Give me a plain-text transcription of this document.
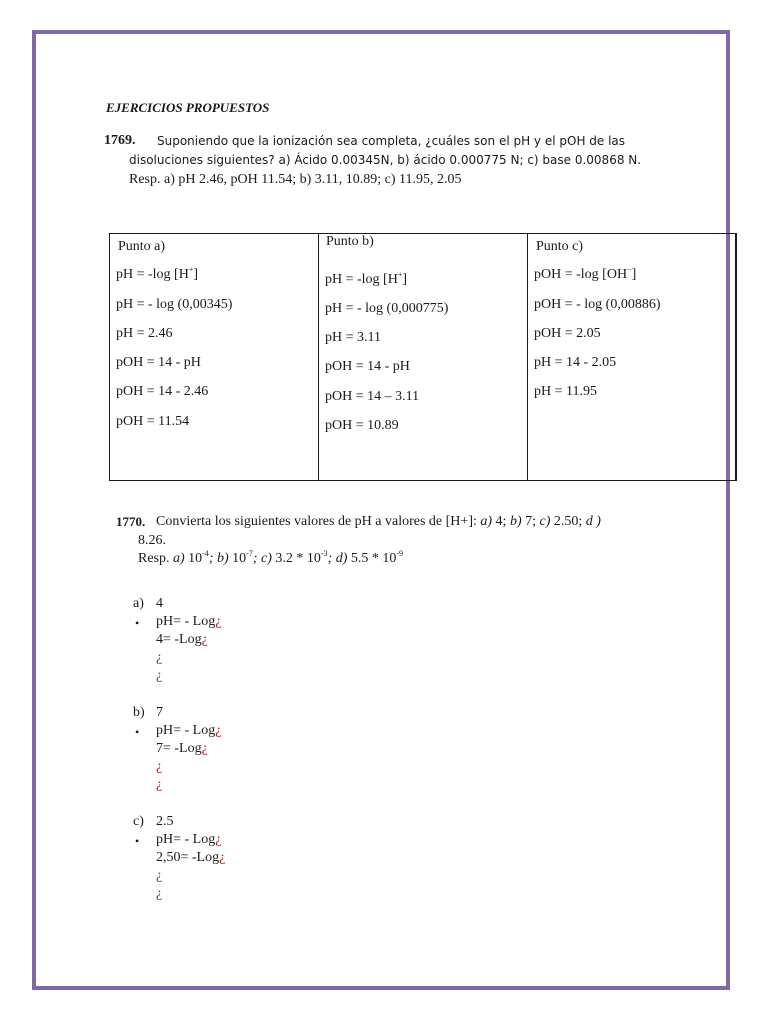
EJERCICIOS PROPUESTOS
1769. Suponiendo que la ionización sea completa, ¿cuáles son el pH y el pOH de las
disoluciones siguientes? a) Ácido 0.00345N, b) ácido 0.000775 N; c) base 0.00868 N.
Resp. a) pH 2.46, pOH 11.54; b) 3.11, 10.89; c) 11.95, 2.05
Punto a)
pH = -log [H+]
pH = - log (0,00345)
pH = 2.46
pOH = 14 - pH
pOH = 14 - 2.46
pOH = 11.54
Punto b)
pH = -log [H+]
pH = - log (0,000775)
pH = 3.11
pOH = 14 - pH
pOH = 14 – 3.11
pOH = 10.89
Punto c)
pOH = -log [OH−]
pOH = - log (0,00886)
pOH = 2.05
pH = 14 - 2.05
pH = 11.95
1770. Convierta los siguientes valores de pH a valores de [H+]: a) 4; b) 7; c) 2.50; d )
8.26.
Resp. a) $10^{-4}$; b) $10^{-7}$; c) $3.2 * 10^{-3}$; d) $5.5 * 10^{-9}$
a) 4
• pH= - Log¿
4= -Log¿
¿
¿
b) 7
• pH= - Log¿
7= -Log¿
¿
¿
c) 2.5
• pH= - Log¿
2,50= -Log¿
¿
¿
